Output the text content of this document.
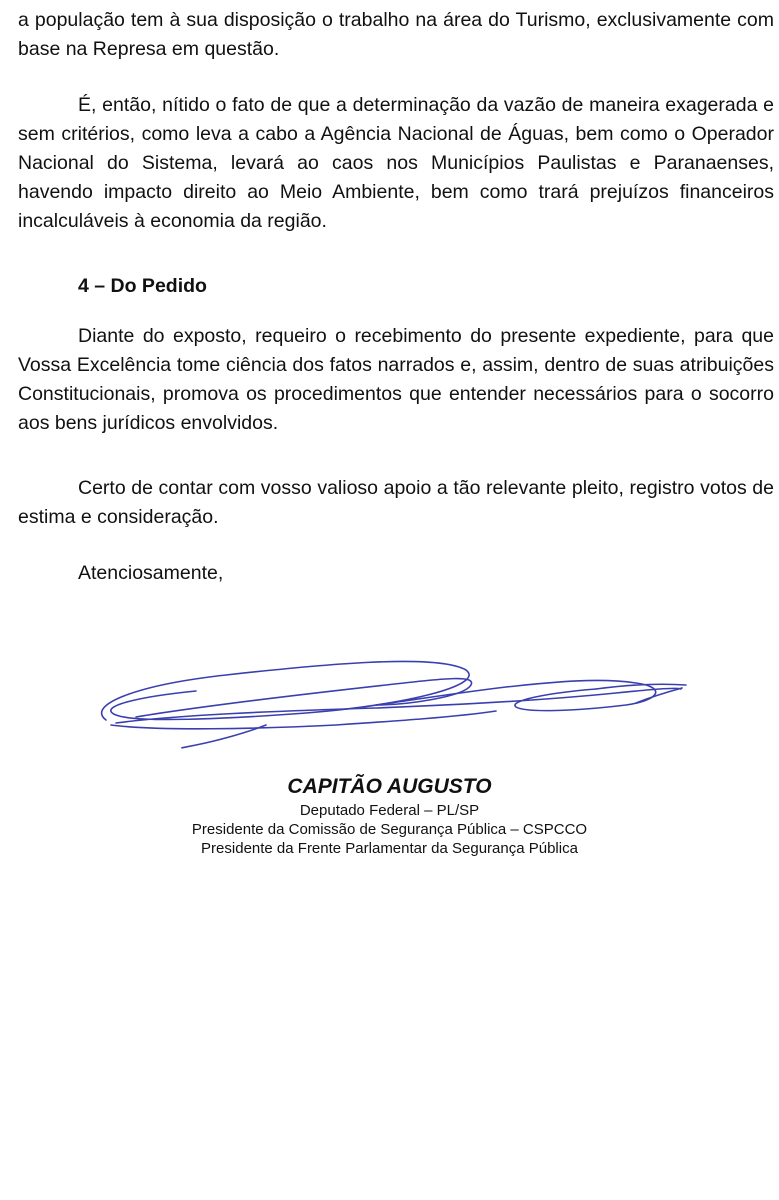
a população tem à sua disposição o trabalho na área do Turismo, exclusivamente com base na Represa em questão.

É, então, nítido o fato de que a determinação da vazão de maneira exagerada e sem critérios, como leva a cabo a Agência Nacional de Águas, bem como o Operador Nacional do Sistema, levará ao caos nos Municípios Paulistas e Paranaenses, havendo impacto direito ao Meio Ambiente, bem como trará prejuízos financeiros incalculáveis à economia da região.

4 – Do Pedido

Diante do exposto, requeiro o recebimento do presente expediente, para que Vossa Excelência tome ciência dos fatos narrados e, assim, dentro de suas atribuições Constitucionais, promova os procedimentos que entender necessários para o socorro aos bens jurídicos envolvidos.

Certo de contar com vosso valioso apoio a tão relevante pleito, registro votos de estima e consideração.

Atenciosamente,

CAPITÃO AUGUSTO
Deputado Federal – PL/SP
Presidente da Comissão de Segurança Pública – CSPCCO
Presidente da Frente Parlamentar da Segurança Pública
